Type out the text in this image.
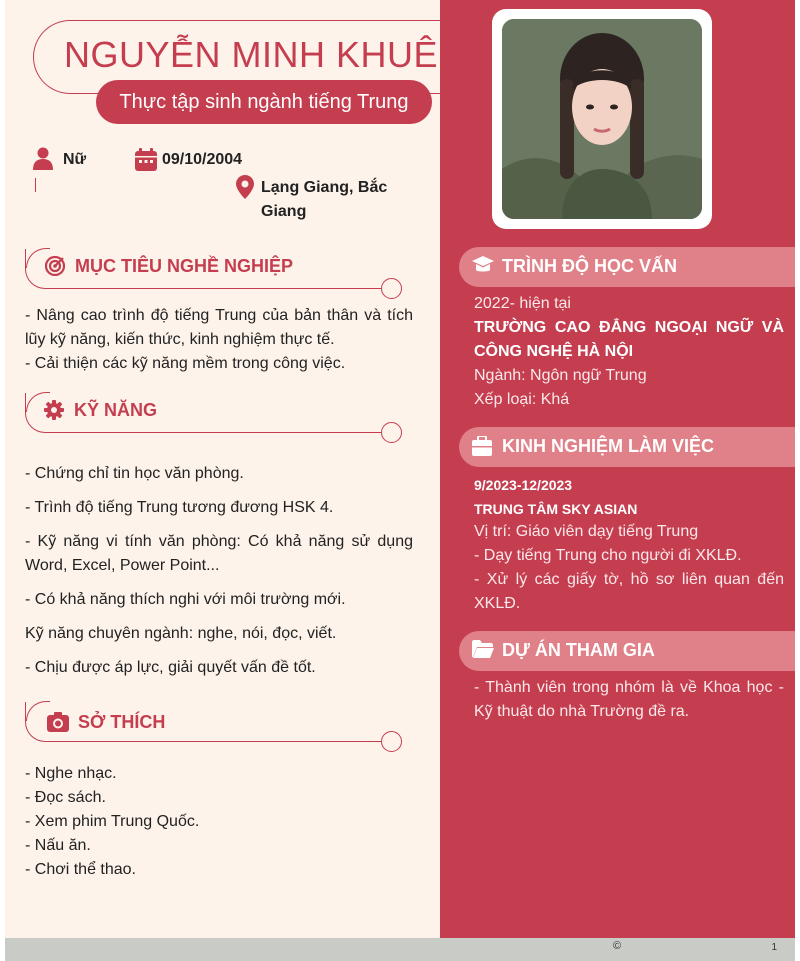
NGUYỄN MINH KHUÊ
Thực tập sinh ngành tiếng Trung
Nữ	09/10/2004
Lạng Giang, Bắc Giang
MỤC TIÊU NGHỀ NGHIỆP
- Nâng cao trình độ tiếng Trung của bản thân và tích lũy kỹ năng, kiến thức, kinh nghiệm thực tế.
- Cải thiện các kỹ năng mềm trong công việc.
KỸ NĂNG
- Chứng chỉ tin học văn phòng.
- Trình độ tiếng Trung tương đương HSK 4.
- Kỹ năng vi tính văn phòng: Có khả năng sử dụng Word, Excel, Power Point...
- Có khả năng thích nghi với môi trường mới.
Kỹ năng chuyên ngành: nghe, nói, đọc, viết.
- Chịu được áp lực, giải quyết vấn đề tốt.
SỞ THÍCH
- Nghe nhạc.
- Đọc sách.
- Xem phim Trung Quốc.
- Nấu ăn.
- Chơi thể thao.
TRÌNH ĐỘ HỌC VẤN
2022- hiện tại
TRƯỜNG CAO ĐẲNG NGOẠI NGỮ VÀ CÔNG NGHỆ HÀ NỘI
Ngành: Ngôn ngữ Trung
Xếp loại: Khá
KINH NGHIỆM LÀM VIỆC
9/2023-12/2023
TRUNG TÂM SKY ASIAN
Vị trí: Giáo viên dạy tiếng Trung
- Dạy tiếng Trung cho người đi XKLĐ.
- Xử lý các giấy tờ, hồ sơ liên quan đến XKLĐ.
DỰ ÁN THAM GIA
- Thành viên trong nhóm là về Khoa học - Kỹ thuật do nhà Trường đề ra.
©	1
